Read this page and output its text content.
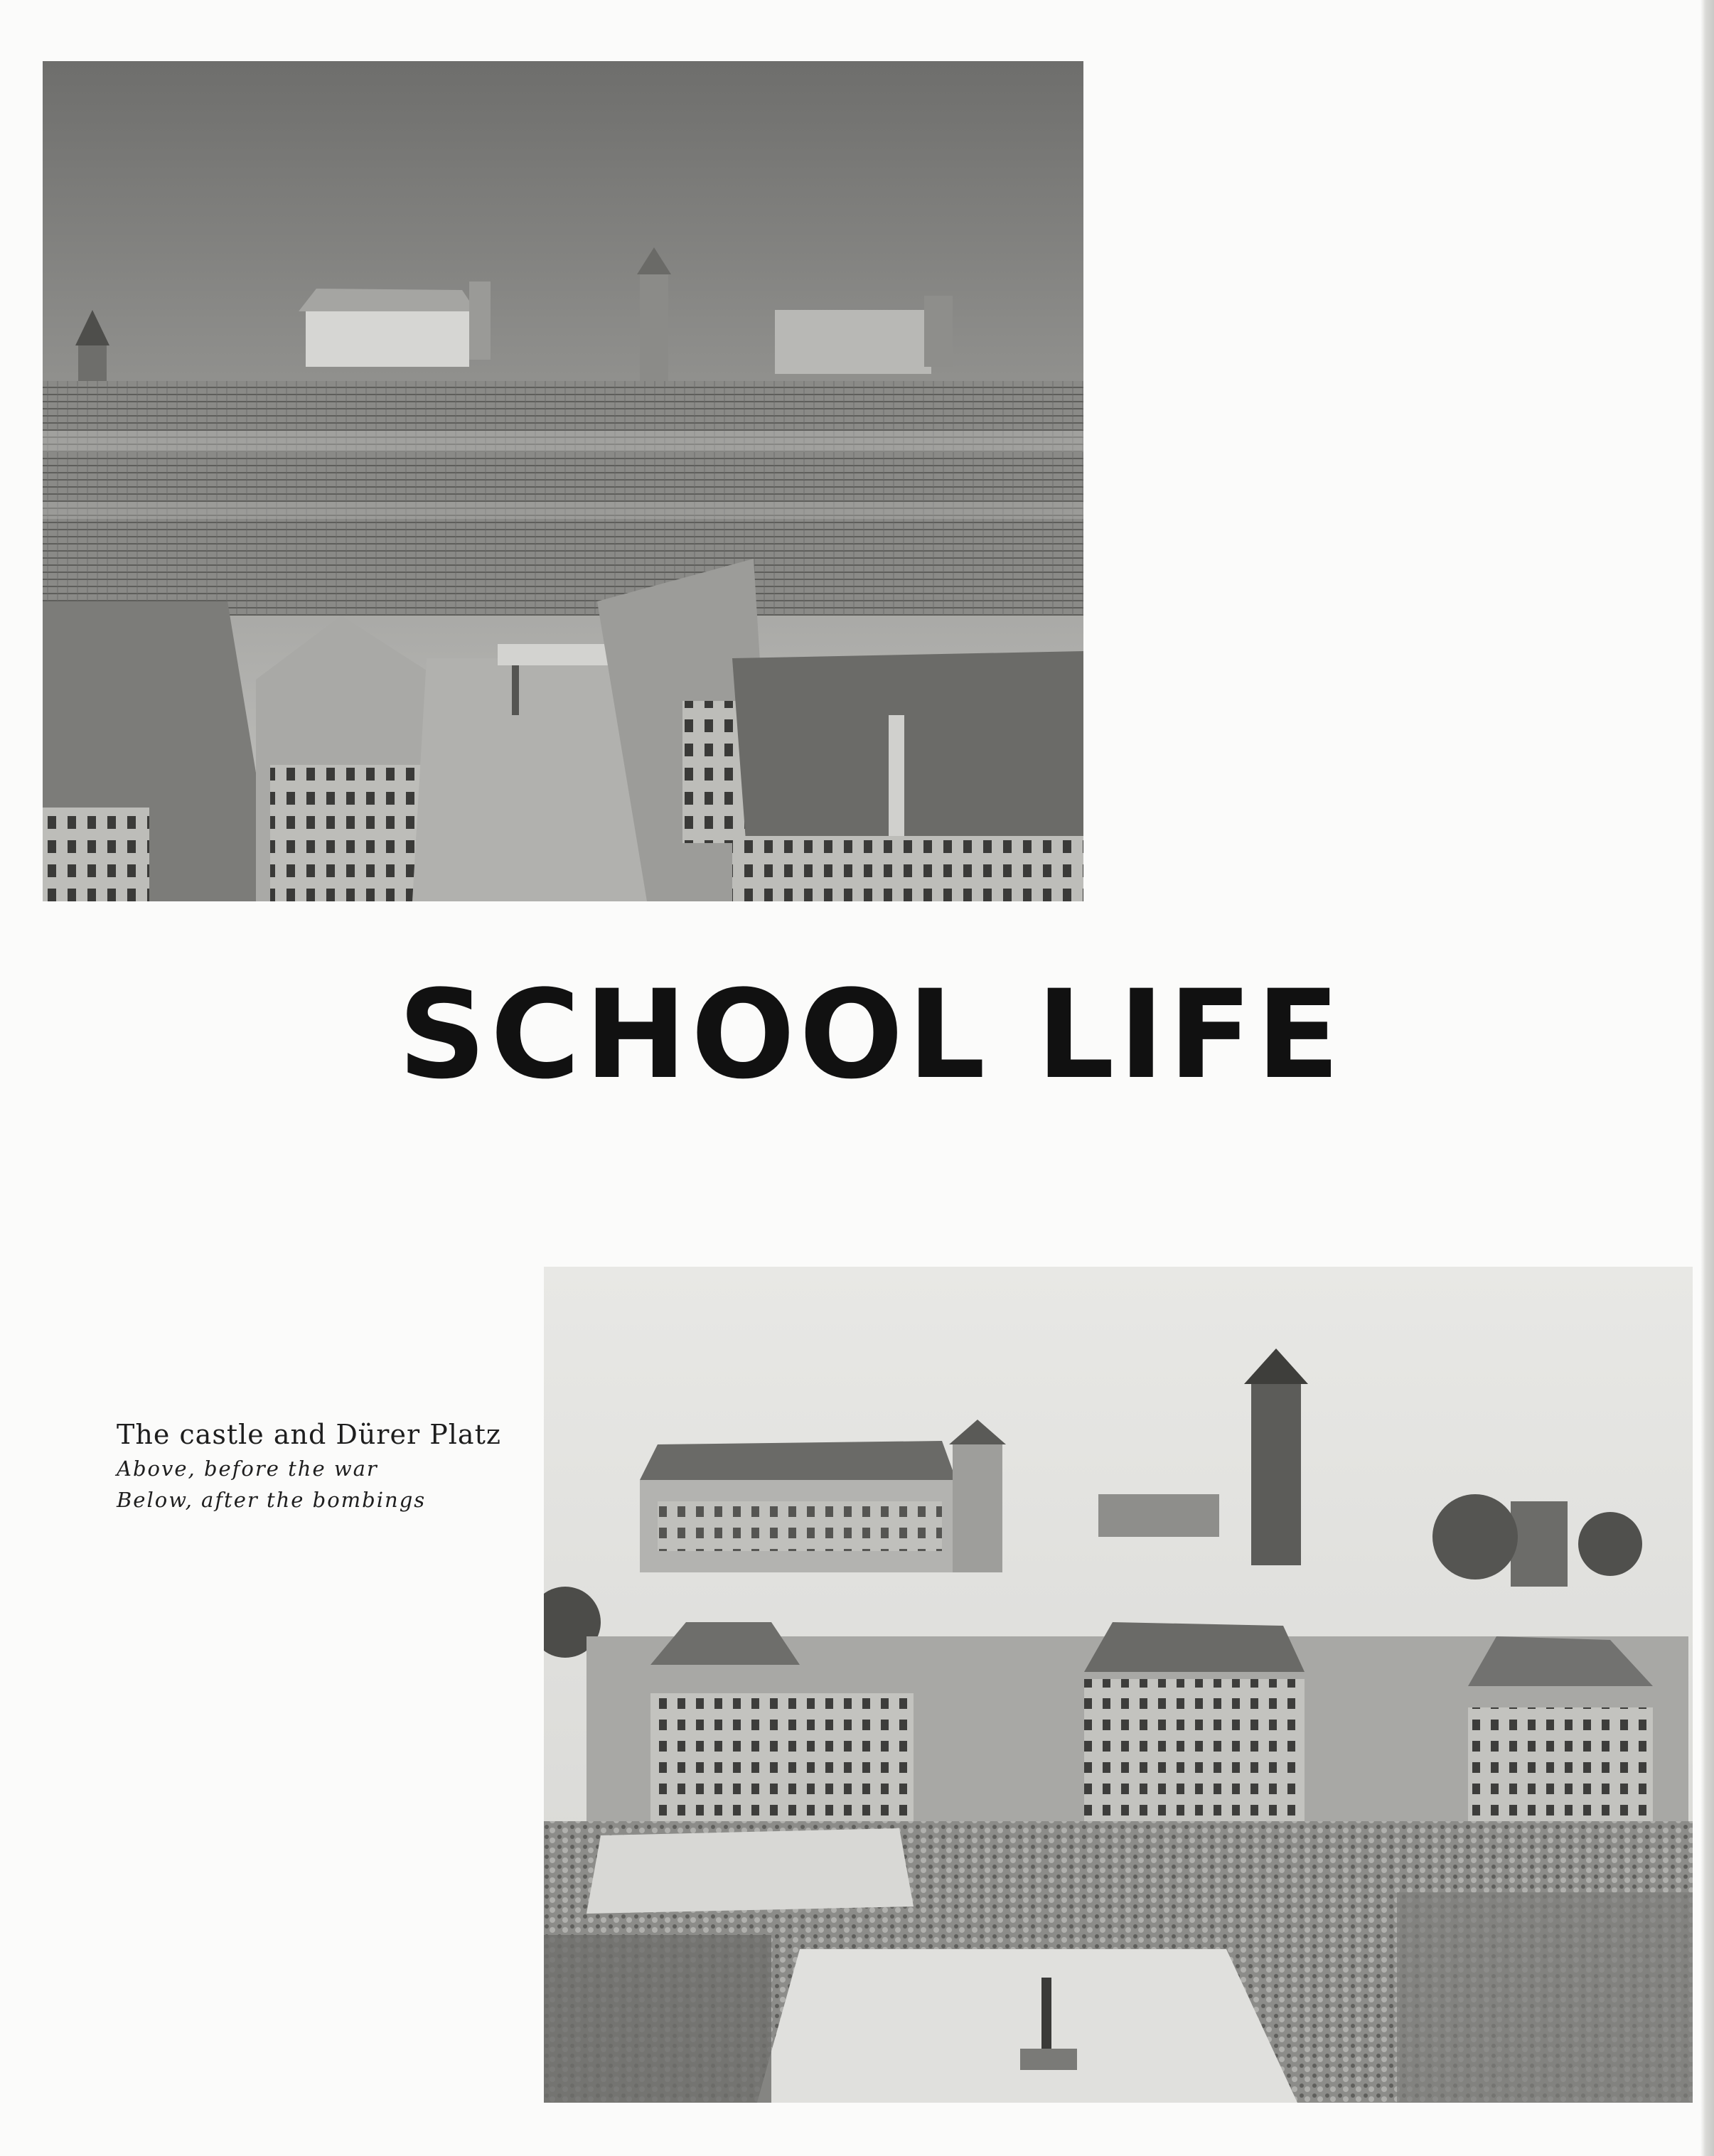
SCHOOL LIFE
The castle and Dürer Platz
Above, before the war
Below, after the bombings
